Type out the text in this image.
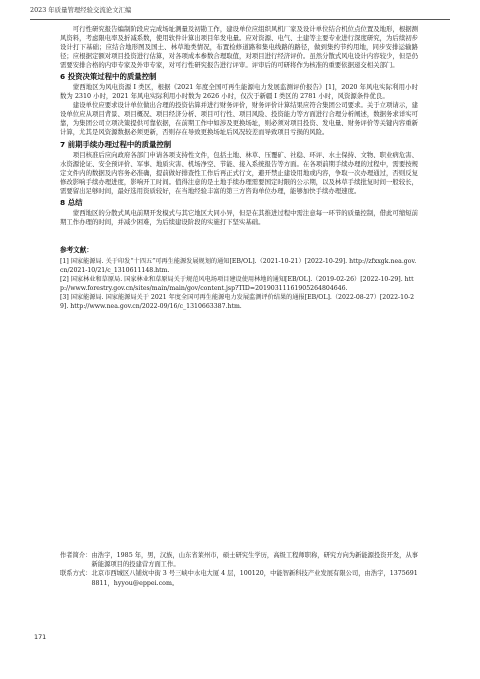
2023 年质量管理经验交流论文汇编

可行性研究报告编制阶段应完成场址测量及初勘工作，建设单位应组织风机厂家及设计单位结合机位点位置及地形，根据测风资料，考虑限电率及折减系数，使用软件计算出项目年发电量。应对资源、电气、土建等主要专业进行深度研究，为后续初步设计打下基础；应结合地形图及国土、林草地类情况，布置检修道路和集电线路的路径，做到集约节约用地，同步安排运输路径；应根据定额对项目投资进行估算，对各项成本参数合理取值，对项目进行经济评价。虽然分散式风电设计内容较少，但是仍需要安排合格的内审专家及外审专家，对可行性研究报告进行评审。评审后的可研将作为核准的重要依据递交相关部门。

6 投资决策过程中的质量控制

蒙西地区为风电资源 I 类区，根据《2021 年度全国可再生能源电力发展监测评价报告》[1]，2020 年风电实际利用小时数为 2310 小时，2021 年风电实际利用小时数为 2626 小时，仅次于新疆 I 类区的 2781 小时，风资源条件优良。

建设单位应要求设计单位做出合理的投资估算并进行财务评价，财务评价计算结果应符合集团公司要求。关于立项请示，建设单位应从项目背景、项目概况、项目经济分析、项目可行性、项目风险、投资能力等方面进行合理分析阐述，数据务求详实可靠，为集团公司立项决策提供可靠依据，在前期工作中如涉及更换场址，则必须对项目投资、发电量、财务评价等关键内容重新计算，尤其是风资源数据必须更新，否则存在导致更换场址后风况较差而导致项目亏损的风险。

7 前期手续办理过程中的质量控制

项目核准后应向政府各部门申请各项支持性文件，包括土地、林草、压覆矿、社稳、环评、水土保持、文物、职业病危害、水资源论证、安全预评价、军事、地质灾害、机场净空、节能、接入系统报告等方面。在各项前期手续办理的过程中，需要按规定文件内的数据及内容务必准确，提前做好排查性工作后再正式行文，避开禁止建设用地或内容，争取一次办理通过，否则反复修改影响手续办理进度，影响开工时间。值得注意的是土地手续办理需要国定时限的公示期，以及林草手续批复时间一般较长，需要留出足够时间，最好选用资质较好，在当地经验丰富的第三方咨询单位办理，能够加快手续办理速度。

8 总结

蒙西地区的分散式风电前期开发模式与其它地区大同小异，但是在其推进过程中需注意每一环节的质量控制，借此可缩短前期工作办理的时间，并减少困难，为后续建设阶段的实施打下坚实基础。

参考文献：

[1] 国家能源局. 关于印发“十四五”可再生能源发展规划的通知[EB/OL].（2021-10-21）[2022-10-29]. http://zfxxgk.nea.gov.cn/2021-10/21/c_1310611148.htm.

[2] 国家林业和草原局. 国家林业和草原局关于规范风电场项目建设使用林地的通知[EB/OL].（2019-02-26）[2022-10-29]. http://www.forestry.gov.cn/sites/main/main/gov/content.jsp?TID=20190311161905264804646.

[3] 国家能源局. 国家能源局关于 2021 年度全国可再生能源电力发展监测评价结果的通报[EB/OL].（2022-08-27）[2022-10-29]. http://www.nea.gov.cn/2022-09/16/c_1310663387.htm.

作者简介： 由浩宇，1985 年，男，汉族，山东省莱州市，硕士研究生学历，高级工程师职称，研究方向为新能源投资开发，从事新能源项目的投建营方面工作。
联系方式： 北京市西城区八铺炕中街 3 号三峡中水电大厦 4 层，100120，中能智新科技产业发展有限公司，由浩宇，13756918811，hyyou@eppei.com。
171
